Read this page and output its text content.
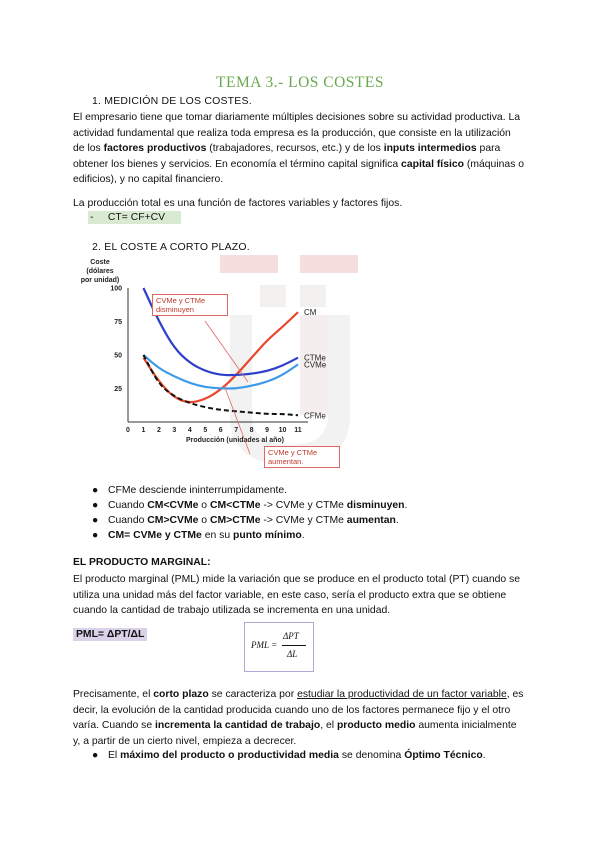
TEMA 3.- LOS COSTES
1. MEDICIÓN DE LOS COSTES.
El empresario tiene que tomar diariamente múltiples decisiones sobre su actividad productiva. La actividad fundamental que realiza toda empresa es la producción, que consiste en la utilización de los factores productivos (trabajadores, recursos, etc.) y de los inputs intermedios para obtener los bienes y servicios. En economía el término capital significa capital físico (máquinas o edificios), y no capital financiero.
La producción total es una función de factores variables y factores fijos.
- CT= CF+CV
2. EL COSTE A CORTO PLAZO.
Coste
(dólares
por unidad)
25
50
75
100
0 1 2 3 4 5 6 7 8 9 10 11
Producción (unidades al año)
CM
CTMe
CVMe
CFMe
CVMe y CTMe disminuyen
CVMe y CTMe aumentan.
● CFMe desciende ininterrumpidamente.
● Cuando CM<CVMe o CM<CTMe -> CVMe y CTMe disminuyen.
● Cuando CM>CVMe o CM>CTMe -> CVMe y CTMe aumentan.
● CM= CVMe y CTMe en su punto mínimo.
EL PRODUCTO MARGINAL:
El producto marginal (PML) mide la variación que se produce en el producto total (PT) cuando se utiliza una unidad más del factor variable, en este caso, sería el producto extra que se obtiene cuando la cantidad de trabajo utilizada se incrementa en una unidad.
PML= ΔPT/ΔL
PML =
ΔPT
ΔL
Precisamente, el corto plazo se caracteriza por estudiar la productividad de un factor variable, es decir, la evolución de la cantidad producida cuando uno de los factores permanece fijo y el otro varía. Cuando se incrementa la cantidad de trabajo, el producto medio aumenta inicialmente y, a partir de un cierto nivel, empieza a decrecer.
● El máximo del producto o productividad media se denomina Óptimo Técnico.
